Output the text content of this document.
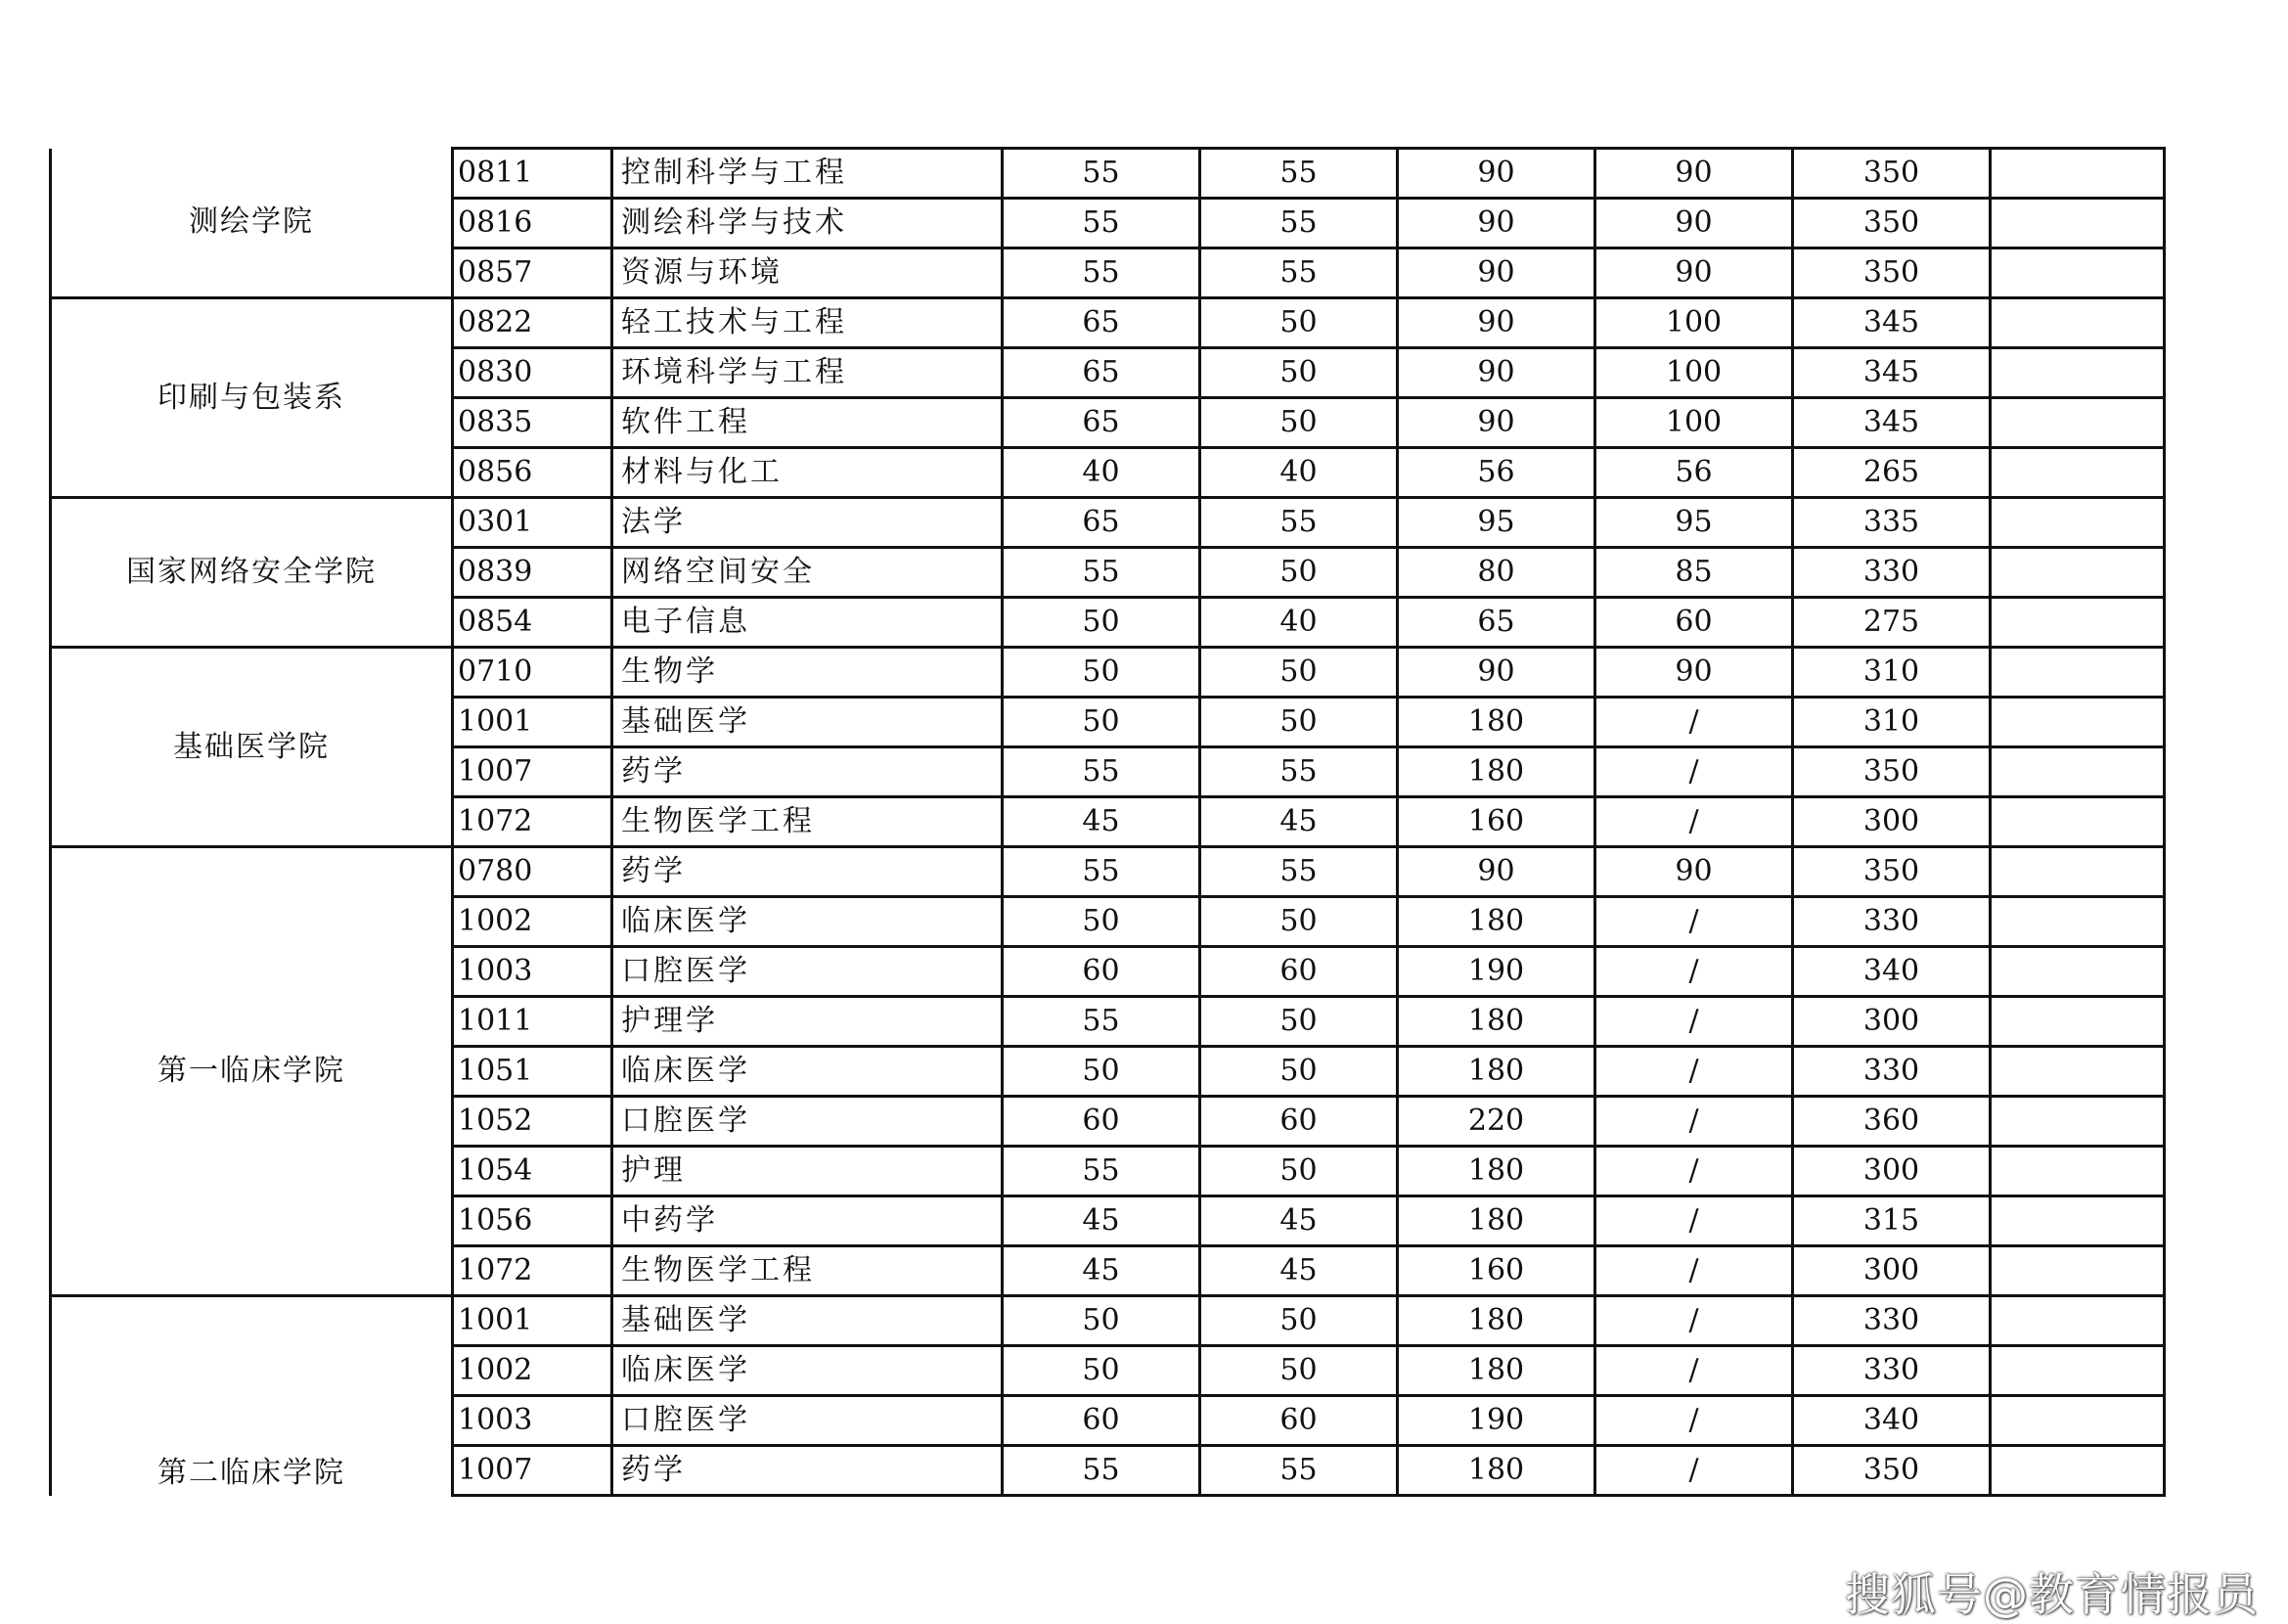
测绘学院	0811	控制科学与工程	55	55	90	90	350	
	0816	测绘科学与技术	55	55	90	90	350	
	0857	资源与环境	55	55	90	90	350	
印刷与包装系	0822	轻工技术与工程	65	50	90	100	345	
	0830	环境科学与工程	65	50	90	100	345	
	0835	软件工程	65	50	90	100	345	
	0856	材料与化工	40	40	56	56	265	
国家网络安全学院	0301	法学	65	55	95	95	335	
	0839	网络空间安全	55	50	80	85	330	
	0854	电子信息	50	40	65	60	275	
基础医学院	0710	生物学	50	50	90	90	310	
	1001	基础医学	50	50	180	/	310	
	1007	药学	55	55	180	/	350	
	1072	生物医学工程	45	45	160	/	300	
第一临床学院	0780	药学	55	55	90	90	350	
	1002	临床医学	50	50	180	/	330	
	1003	口腔医学	60	60	190	/	340	
	1011	护理学	55	50	180	/	300	
	1051	临床医学	50	50	180	/	330	
	1052	口腔医学	60	60	220	/	360	
	1054	护理	55	50	180	/	300	
	1056	中药学	45	45	180	/	315	
	1072	生物医学工程	45	45	160	/	300	
第二临床学院	1001	基础医学	50	50	180	/	330	
	1002	临床医学	50	50	180	/	330	
	1003	口腔医学	60	60	190	/	340	
	1007	药学	55	55	180	/	350	
搜狐号@教育情报员
